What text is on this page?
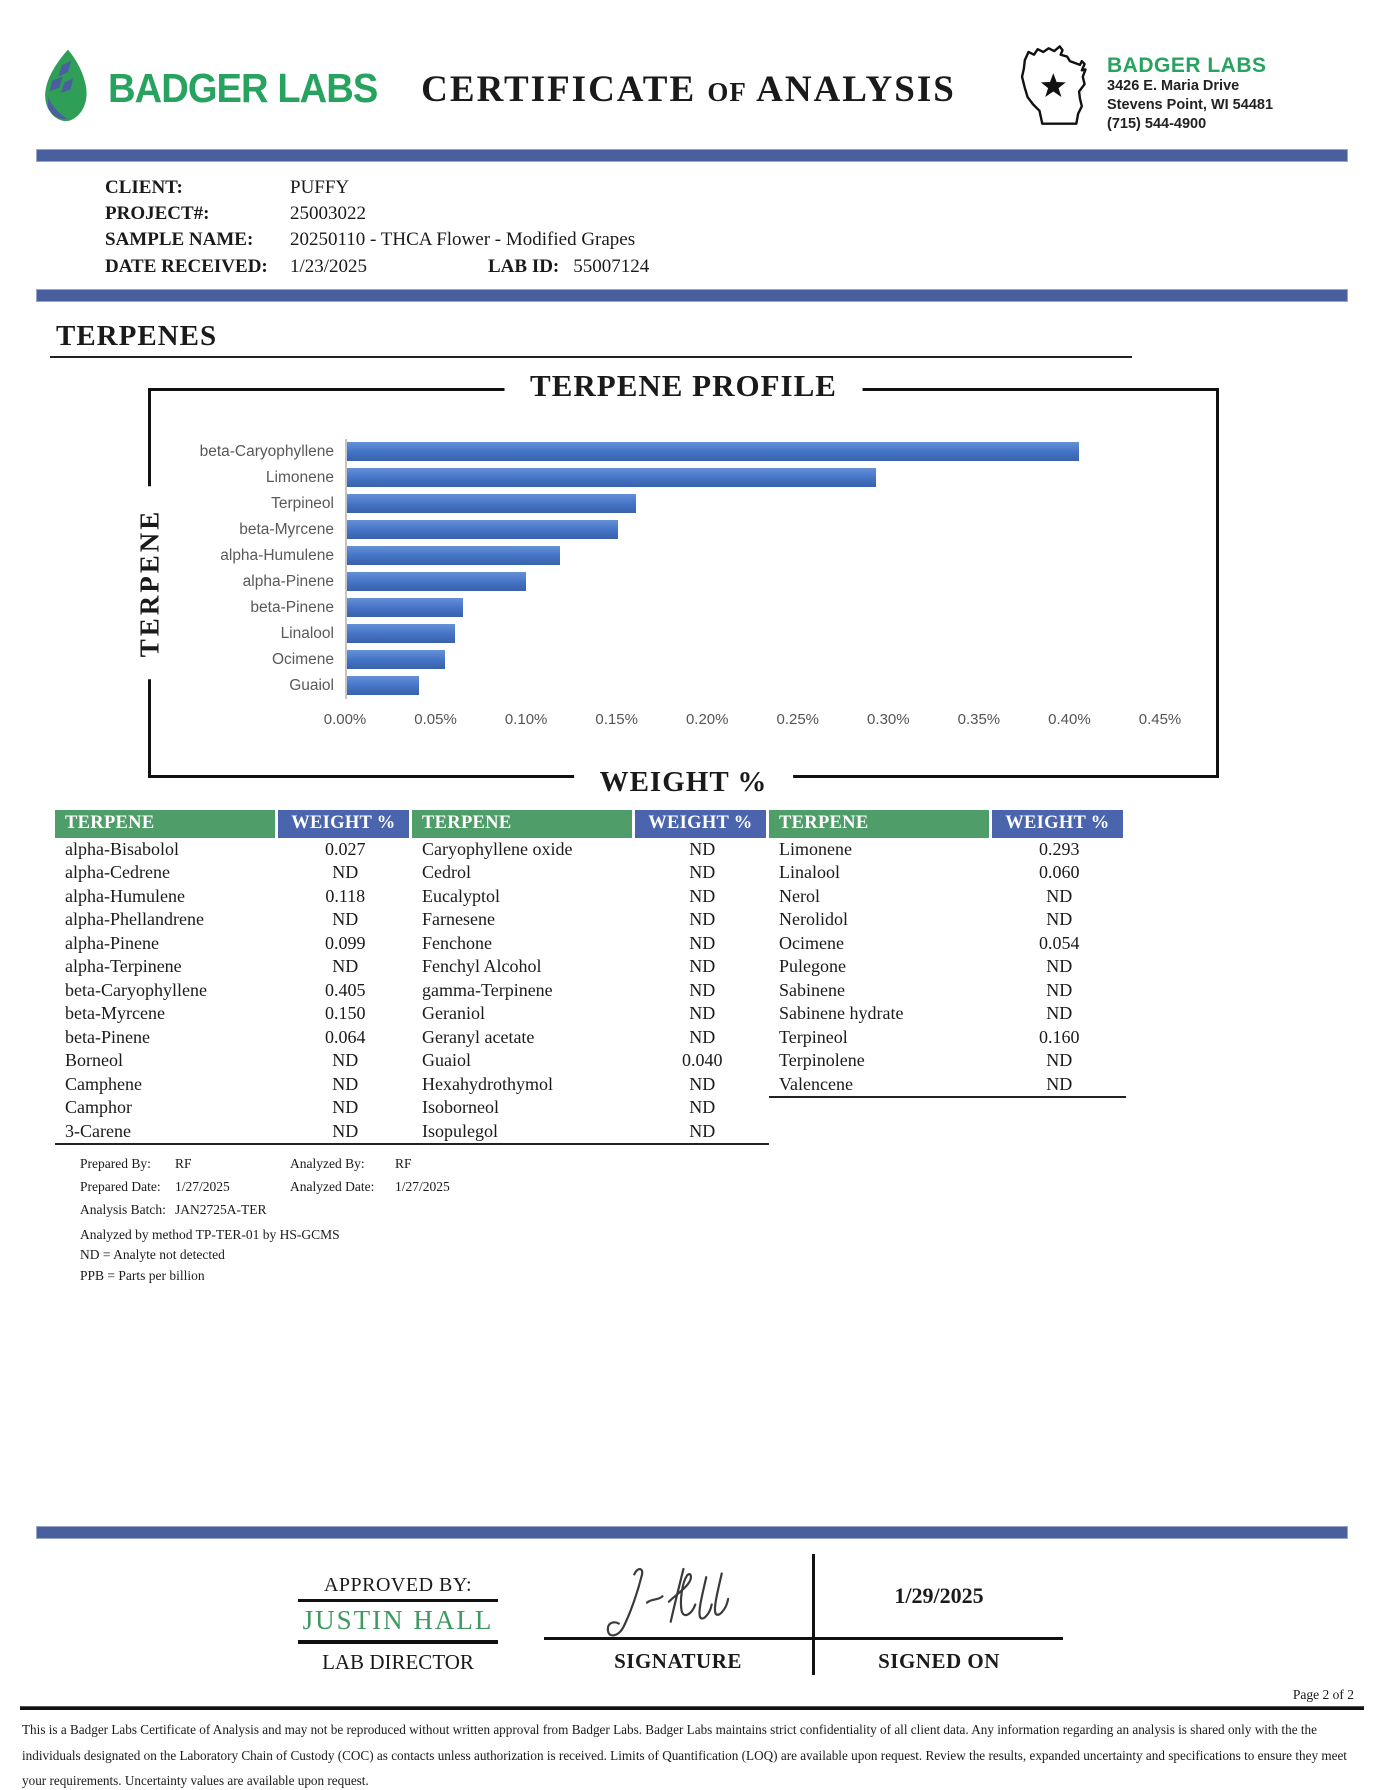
BADGER LABS	CERTIFICATE OF ANALYSIS
BADGER LABS
3426 E. Maria Drive
Stevens Point, WI 54481
(715) 544-4900
CLIENT:	PUFFY
PROJECT#:	25003022
SAMPLE NAME:	20250110 - THCA Flower - Modified Grapes
DATE RECEIVED:	1/23/2025	LAB ID: 55007124
TERPENES
TERPENE PROFILE
TERPENE
WEIGHT %
beta-Caryophyllene
Limonene
Terpineol
beta-Myrcene
alpha-Humulene
alpha-Pinene
beta-Pinene
Linalool
Ocimene
Guaiol
0.00%	0.05%	0.10%	0.15%	0.20%	0.25%	0.30%	0.35%	0.40%	0.45%
TERPENE	WEIGHT %
alpha-Bisabolol	0.027
alpha-Cedrene	ND
alpha-Humulene	0.118
alpha-Phellandrene	ND
alpha-Pinene	0.099
alpha-Terpinene	ND
beta-Caryophyllene	0.405
beta-Myrcene	0.150
beta-Pinene	0.064
Borneol	ND
Camphene	ND
Camphor	ND
3-Carene	ND
TERPENE	WEIGHT %
Caryophyllene oxide	ND
Cedrol	ND
Eucalyptol	ND
Farnesene	ND
Fenchone	ND
Fenchyl Alcohol	ND
gamma-Terpinene	ND
Geraniol	ND
Geranyl acetate	ND
Guaiol	0.040
Hexahydrothymol	ND
Isoborneol	ND
Isopulegol	ND
TERPENE	WEIGHT %
Limonene	0.293
Linalool	0.060
Nerol	ND
Nerolidol	ND
Ocimene	0.054
Pulegone	ND
Sabinene	ND
Sabinene hydrate	ND
Terpineol	0.160
Terpinolene	ND
Valencene	ND
Prepared By:	RF	Analyzed By:	RF
Prepared Date:	1/27/2025	Analyzed Date:	1/27/2025
Analysis Batch: JAN2725A-TER
Analyzed by method TP-TER-01 by HS-GCMS
ND = Analyte not detected
PPB = Parts per billion
APPROVED BY:
JUSTIN HALL
LAB DIRECTOR	SIGNATURE
1/29/2025
SIGNED ON
Page 2 of 2
This is a Badger Labs Certificate of Analysis and may not be reproduced without written approval from Badger Labs. Badger Labs maintains strict confidentiality of all client data. Any information regarding an analysis is shared only with the the individuals designated on the Laboratory Chain of Custody (COC) as contacts unless authorization is received. Limits of Quantification (LOQ) are available upon request. Review the results, expanded uncertainty and specifications to ensure they meet your requirements. Uncertainty values are available upon request.
